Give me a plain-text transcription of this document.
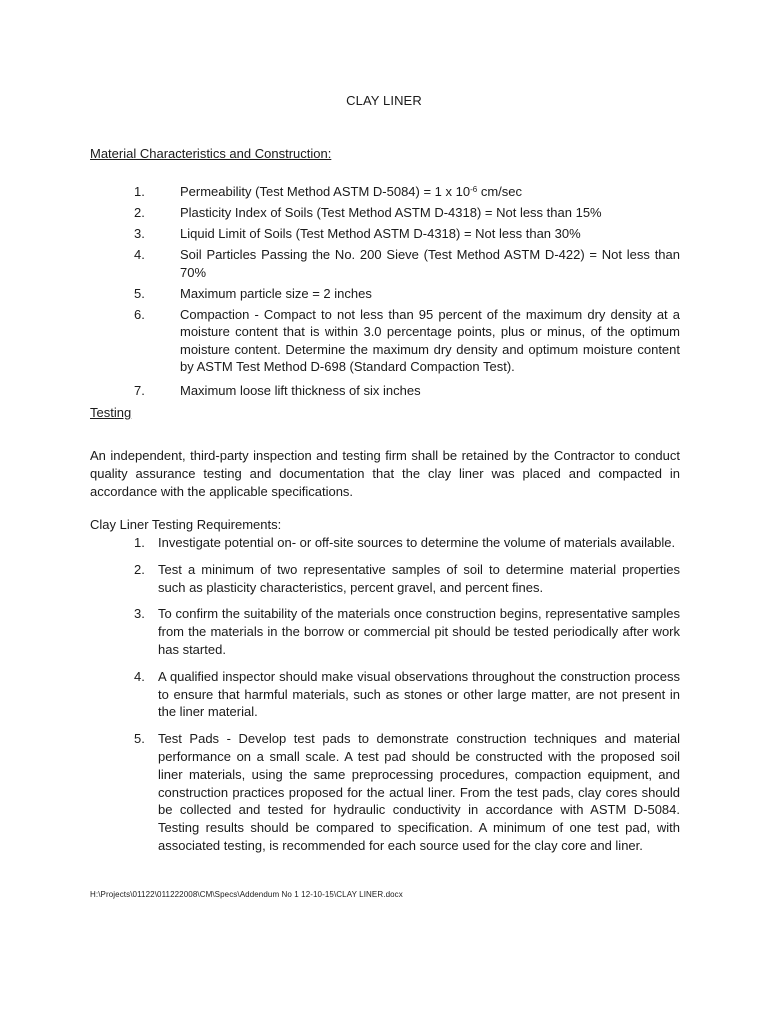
CLAY LINER
Material Characteristics and Construction:
1.	Permeability (Test Method ASTM D-5084) = 1 x $10^{-6}$ cm/sec
2.	Plasticity Index of Soils (Test Method ASTM D-4318) = Not less than 15%
3.	Liquid Limit of Soils (Test Method ASTM D-4318) = Not less than 30%
4.	Soil Particles Passing the No. 200 Sieve (Test Method ASTM D-422) = Not less than 70%
5.	Maximum particle size = 2 inches
6.	Compaction - Compact to not less than 95 percent of the maximum dry density at a moisture content that is within 3.0 percentage points, plus or minus, of the optimum moisture content. Determine the maximum dry density and optimum moisture content by ASTM Test Method D-698 (Standard Compaction Test).
7.	Maximum loose lift thickness of six inches
Testing
An independent, third-party inspection and testing firm shall be retained by the Contractor to conduct quality assurance testing and documentation that the clay liner was placed and compacted in accordance with the applicable specifications.
Clay Liner Testing Requirements:
1. Investigate potential on- or off-site sources to determine the volume of materials available.
2. Test a minimum of two representative samples of soil to determine material properties such as plasticity characteristics, percent gravel, and percent fines.
3. To confirm the suitability of the materials once construction begins, representative samples from the materials in the borrow or commercial pit should be tested periodically after work has started.
4. A qualified inspector should make visual observations throughout the construction process to ensure that harmful materials, such as stones or other large matter, are not present in the liner material.
5. Test Pads - Develop test pads to demonstrate construction techniques and material performance on a small scale. A test pad should be constructed with the proposed soil liner materials, using the same preprocessing procedures, compaction equipment, and construction practices proposed for the actual liner. From the test pads, clay cores should be collected and tested for hydraulic conductivity in accordance with ASTM D-5084. Testing results should be compared to specification. A minimum of one test pad, with associated testing, is recommended for each source used for the clay core and liner.
H:\Projects\01122\011222008\CM\Specs\Addendum No 1 12-10-15\CLAY LINER.docx
